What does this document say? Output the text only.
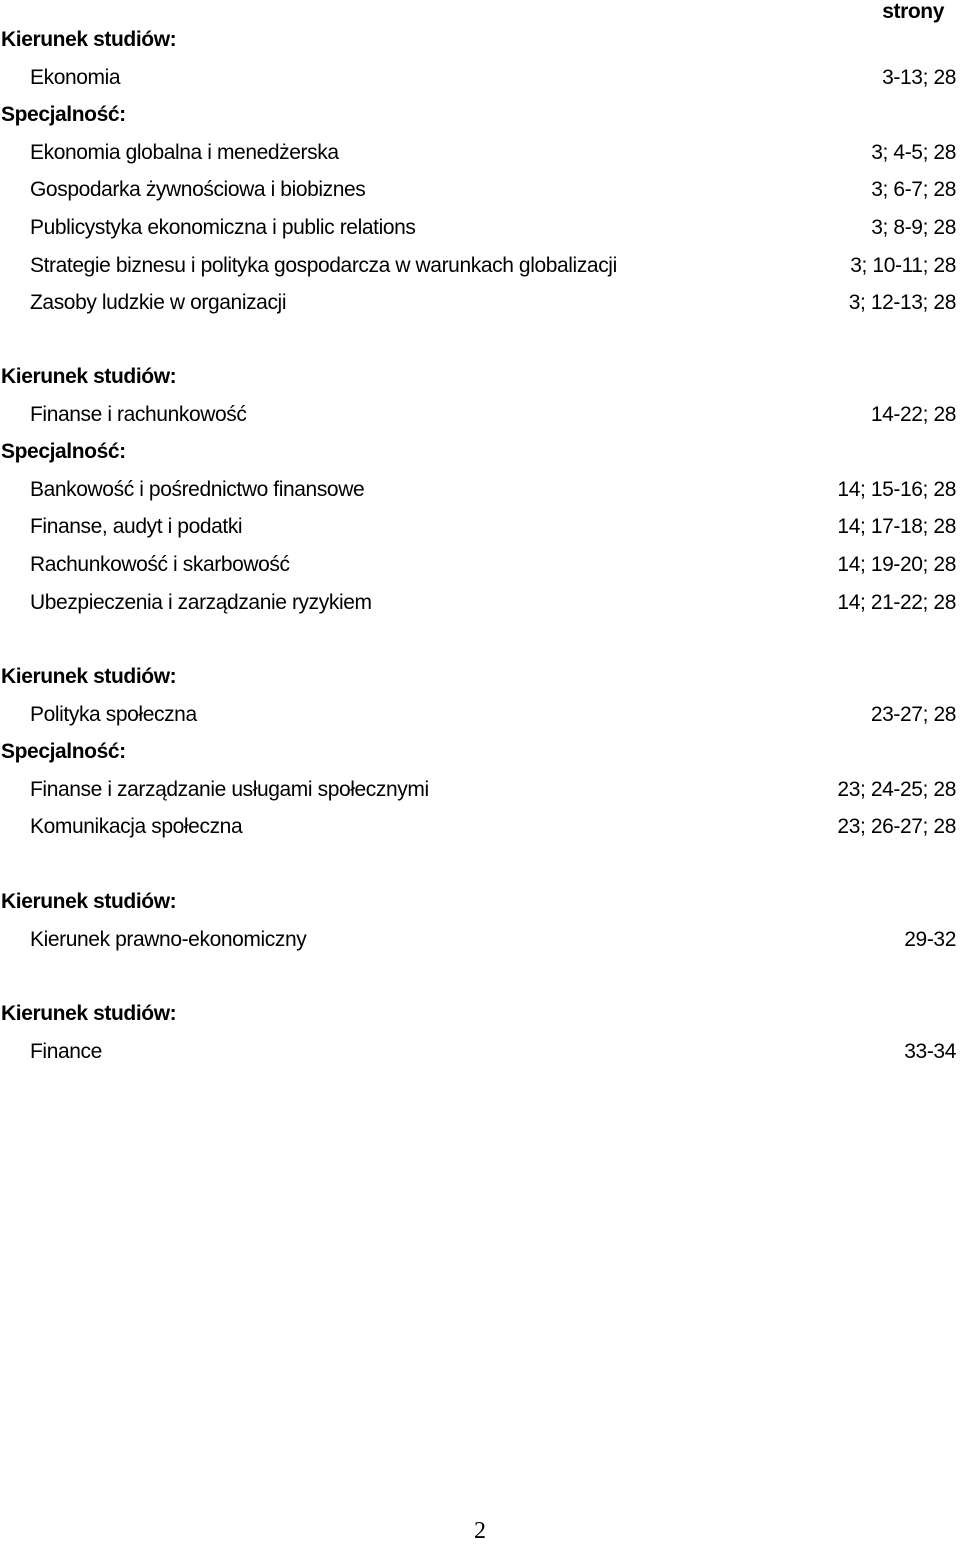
strony
Kierunek studiów:
Ekonomia	3-13; 28
Specjalność:
Ekonomia globalna i menedżerska	3; 4-5; 28
Gospodarka żywnościowa i biobiznes	3; 6-7; 28
Publicystyka ekonomiczna i public relations	3; 8-9; 28
Strategie biznesu i polityka gospodarcza w warunkach globalizacji	3; 10-11; 28
Zasoby ludzkie w organizacji	3; 12-13; 28
Kierunek studiów:
Finanse i rachunkowość	14-22; 28
Specjalność:
Bankowość i pośrednictwo finansowe	14; 15-16; 28
Finanse, audyt i podatki	14; 17-18; 28
Rachunkowość i skarbowość	14; 19-20; 28
Ubezpieczenia i zarządzanie ryzykiem	14; 21-22; 28
Kierunek studiów:
Polityka społeczna	23-27; 28
Specjalność:
Finanse i zarządzanie usługami społecznymi	23; 24-25; 28
Komunikacja społeczna	23; 26-27; 28
Kierunek studiów:
Kierunek prawno-ekonomiczny	29-32
Kierunek studiów:
Finance	33-34
2
